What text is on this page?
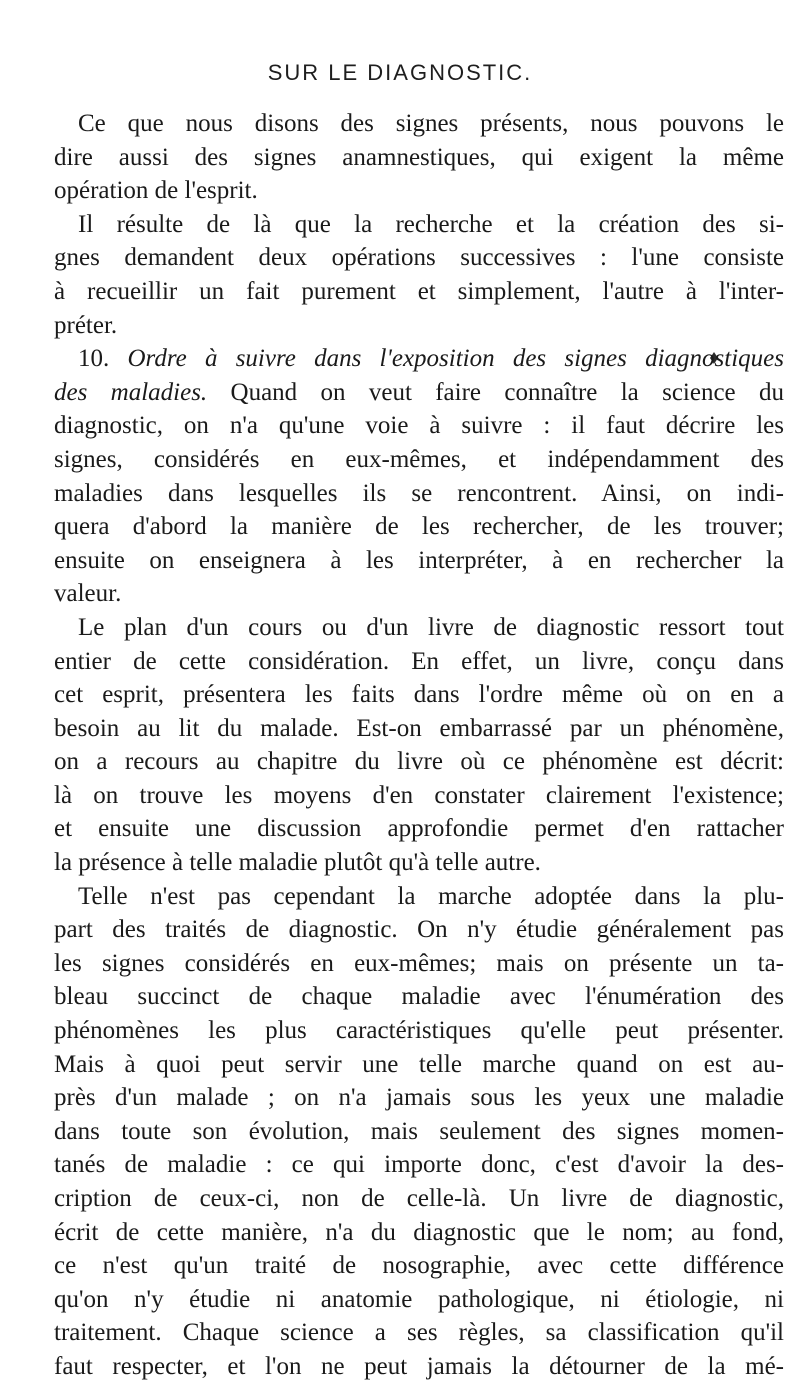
SUR LE DIAGNOSTIC.
Ce que nous disons des signes présents, nous pouvons le
dire aussi des signes anamnestiques, qui exigent la même
opération de l'esprit.
Il résulte de là que la recherche et la création des si-
gnes demandent deux opérations successives : l'une consiste
à recueillir un fait purement et simplement, l'autre à l'inter-
préter.
10. Ordre à suivre dans l'exposition des signes diagnostiques
des maladies. Quand on veut faire connaître la science du
diagnostic, on n'a qu'une voie à suivre : il faut décrire les
signes, considérés en eux-mêmes, et indépendamment des
maladies dans lesquelles ils se rencontrent. Ainsi, on indi-
quera d'abord la manière de les rechercher, de les trouver;
ensuite on enseignera à les interpréter, à en rechercher la
valeur.
Le plan d'un cours ou d'un livre de diagnostic ressort tout
entier de cette considération. En effet, un livre, conçu dans
cet esprit, présentera les faits dans l'ordre même où on en a
besoin au lit du malade. Est-on embarrassé par un phénomène,
on a recours au chapitre du livre où ce phénomène est décrit:
là on trouve les moyens d'en constater clairement l'existence;
et ensuite une discussion approfondie permet d'en rattacher
la présence à telle maladie plutôt qu'à telle autre.
Telle n'est pas cependant la marche adoptée dans la plu-
part des traités de diagnostic. On n'y étudie généralement pas
les signes considérés en eux-mêmes; mais on présente un ta-
bleau succinct de chaque maladie avec l'énumération des
phénomènes les plus caractéristiques qu'elle peut présenter.
Mais à quoi peut servir une telle marche quand on est au-
près d'un malade ; on n'a jamais sous les yeux une maladie
dans toute son évolution, mais seulement des signes momen-
tanés de maladie : ce qui importe donc, c'est d'avoir la des-
cription de ceux-ci, non de celle-là. Un livre de diagnostic,
écrit de cette manière, n'a du diagnostic que le nom; au fond,
ce n'est qu'un traité de nosographie, avec cette différence
qu'on n'y étudie ni anatomie pathologique, ni étiologie, ni
traitement. Chaque science a ses règles, sa classification qu'il
faut respecter, et l'on ne peut jamais la détourner de la mé-
